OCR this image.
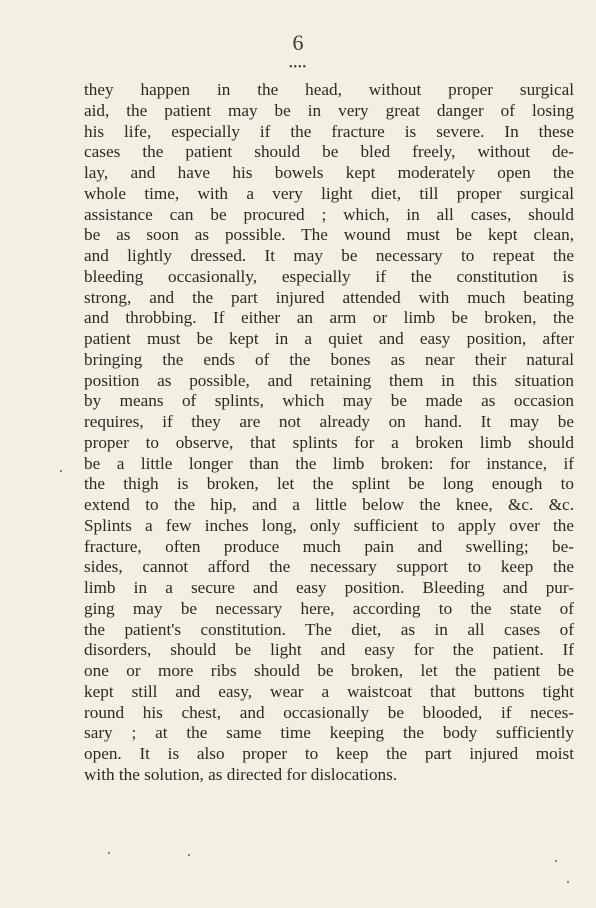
6
••••
they happen in the head, without proper surgical
aid, the patient may be in very great danger of losing
his life, especially if the fracture is severe. In these
cases the patient should be bled freely, without de-
lay, and have his bowels kept moderately open the
whole time, with a very light diet, till proper surgical
assistance can be procured ; which, in all cases, should
be as soon as possible. The wound must be kept clean,
and lightly dressed. It may be necessary to repeat the
bleeding occasionally, especially if the constitution is
strong, and the part injured attended with much beating
and throbbing. If either an arm or limb be broken, the
patient must be kept in a quiet and easy position, after
bringing the ends of the bones as near their natural
position as possible, and retaining them in this situation
by means of splints, which may be made as occasion
requires, if they are not already on hand. It may be
proper to observe, that splints for a broken limb should
be a little longer than the limb broken: for instance, if
the thigh is broken, let the splint be long enough to
extend to the hip, and a little below the knee, &c. &c.
Splints a few inches long, only sufficient to apply over the
fracture, often produce much pain and swelling; be-
sides, cannot afford the necessary support to keep the
limb in a secure and easy position. Bleeding and pur-
ging may be necessary here, according to the state of
the patient's constitution. The diet, as in all cases of
disorders, should be light and easy for the patient. If
one or more ribs should be broken, let the patient be
kept still and easy, wear a waistcoat that buttons tight
round his chest, and occasionally be blooded, if neces-
sary ; at the same time keeping the body sufficiently
open. It is also proper to keep the part injured moist
with the solution, as directed for dislocations.
